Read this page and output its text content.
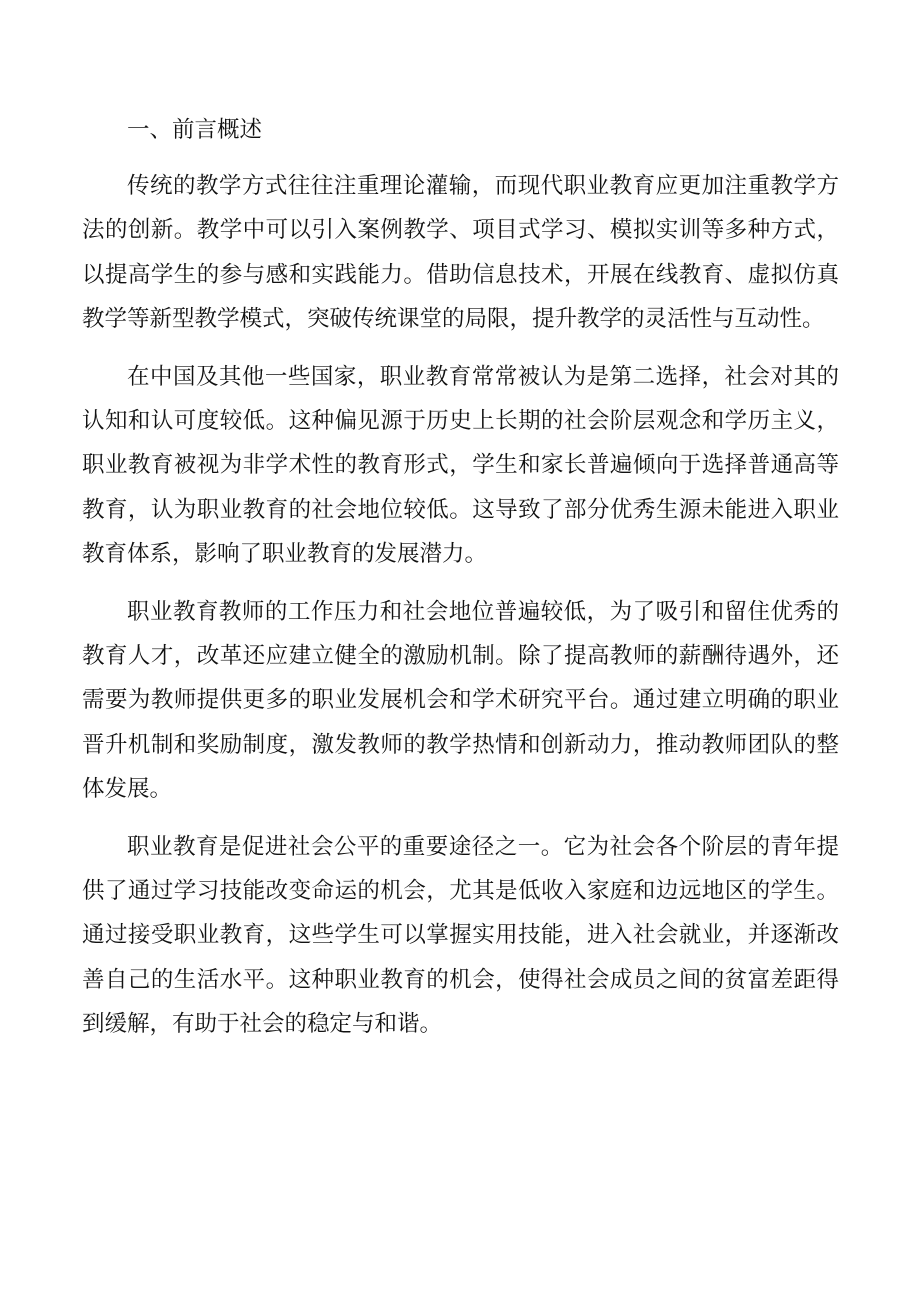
一、前言概述

传统的教学方式往往注重理论灌输，而现代职业教育应更加注重教学方法的创新。教学中可以引入案例教学、项目式学习、模拟实训等多种方式，以提高学生的参与感和实践能力。借助信息技术，开展在线教育、虚拟仿真教学等新型教学模式，突破传统课堂的局限，提升教学的灵活性与互动性。

在中国及其他一些国家，职业教育常常被认为是第二选择，社会对其的认知和认可度较低。这种偏见源于历史上长期的社会阶层观念和学历主义，职业教育被视为非学术性的教育形式，学生和家长普遍倾向于选择普通高等教育，认为职业教育的社会地位较低。这导致了部分优秀生源未能进入职业教育体系，影响了职业教育的发展潜力。

职业教育教师的工作压力和社会地位普遍较低，为了吸引和留住优秀的教育人才，改革还应建立健全的激励机制。除了提高教师的薪酬待遇外，还需要为教师提供更多的职业发展机会和学术研究平台。通过建立明确的职业晋升机制和奖励制度，激发教师的教学热情和创新动力，推动教师团队的整体发展。

职业教育是促进社会公平的重要途径之一。它为社会各个阶层的青年提供了通过学习技能改变命运的机会，尤其是低收入家庭和边远地区的学生。通过接受职业教育，这些学生可以掌握实用技能，进入社会就业，并逐渐改善自己的生活水平。这种职业教育的机会，使得社会成员之间的贫富差距得到缓解，有助于社会的稳定与和谐。
